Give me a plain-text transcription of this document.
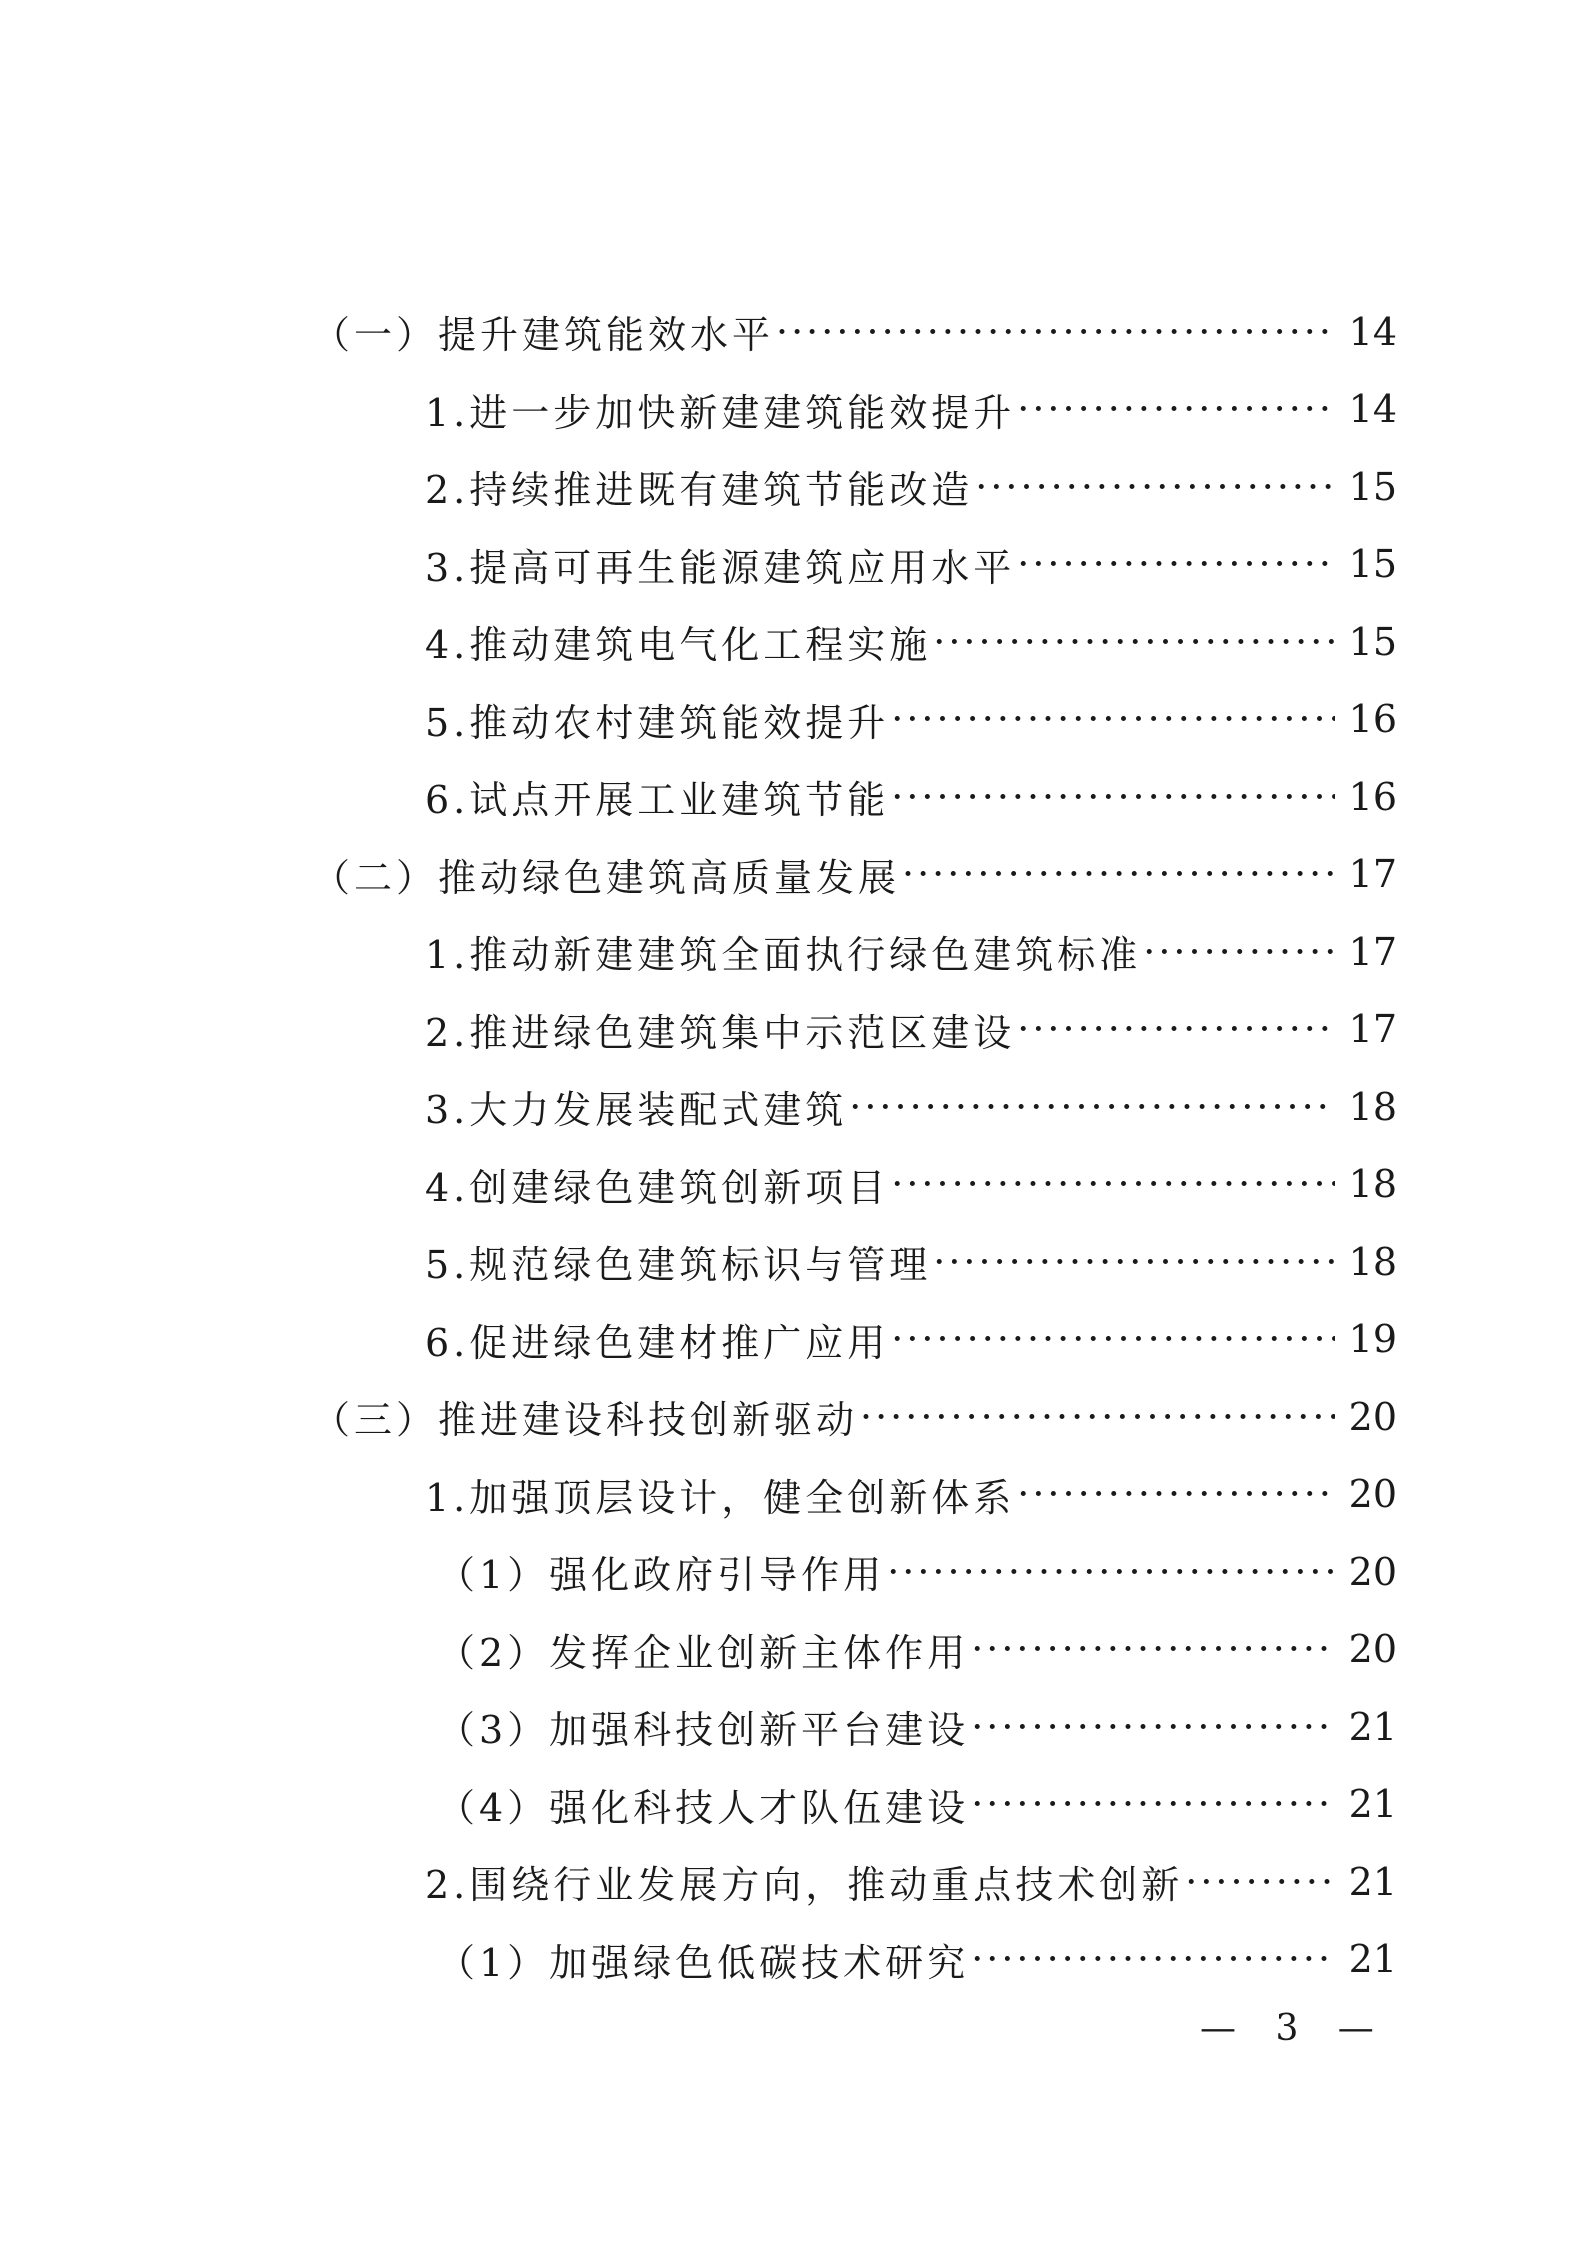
（一）提升建筑能效水平 ·····	14
1.进一步加快新建建筑能效提升 ·····	14
2.持续推进既有建筑节能改造 ·····	15
3.提高可再生能源建筑应用水平 ·····	15
4.推动建筑电气化工程实施 ·····	15
5.推动农村建筑能效提升 ·····	16
6.试点开展工业建筑节能 ·····	16
（二）推动绿色建筑高质量发展 ·····	17
1.推动新建建筑全面执行绿色建筑标准 ·····	17
2.推进绿色建筑集中示范区建设 ·····	17
3.大力发展装配式建筑 ·····	18
4.创建绿色建筑创新项目 ·····	18
5.规范绿色建筑标识与管理 ·····	18
6.促进绿色建材推广应用 ·····	19
（三）推进建设科技创新驱动 ·····	20
1.加强顶层设计，健全创新体系 ·····	20
（1）强化政府引导作用 ·····	20
（2）发挥企业创新主体作用 ·····	20
（3）加强科技创新平台建设 ·····	21
（4）强化科技人才队伍建设 ·····	21
2.围绕行业发展方向，推动重点技术创新 ·····	21
（1）加强绿色低碳技术研究 ·····	21
— 3 —
